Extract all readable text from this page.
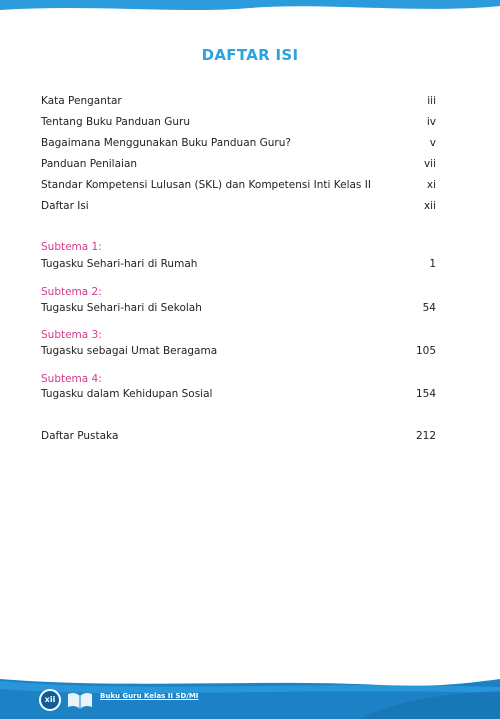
DAFTAR ISI
Kata Pengantar	iii
Tentang Buku Panduan Guru	iv
Bagaimana Menggunakan Buku Panduan Guru?	v
Panduan Penilaian	vii
Standar Kompetensi Lulusan (SKL) dan Kompetensi Inti Kelas II	xi
Daftar Isi	xii
Subtema 1:
Tugasku Sehari-hari di Rumah	1
Subtema 2:
Tugasku Sehari-hari di Sekolah	54
Subtema 3:
Tugasku sebagai Umat Beragama	105
Subtema 4:
Tugasku dalam Kehidupan Sosial	154
Daftar Pustaka	212
xii	Buku Guru Kelas II SD/MI
